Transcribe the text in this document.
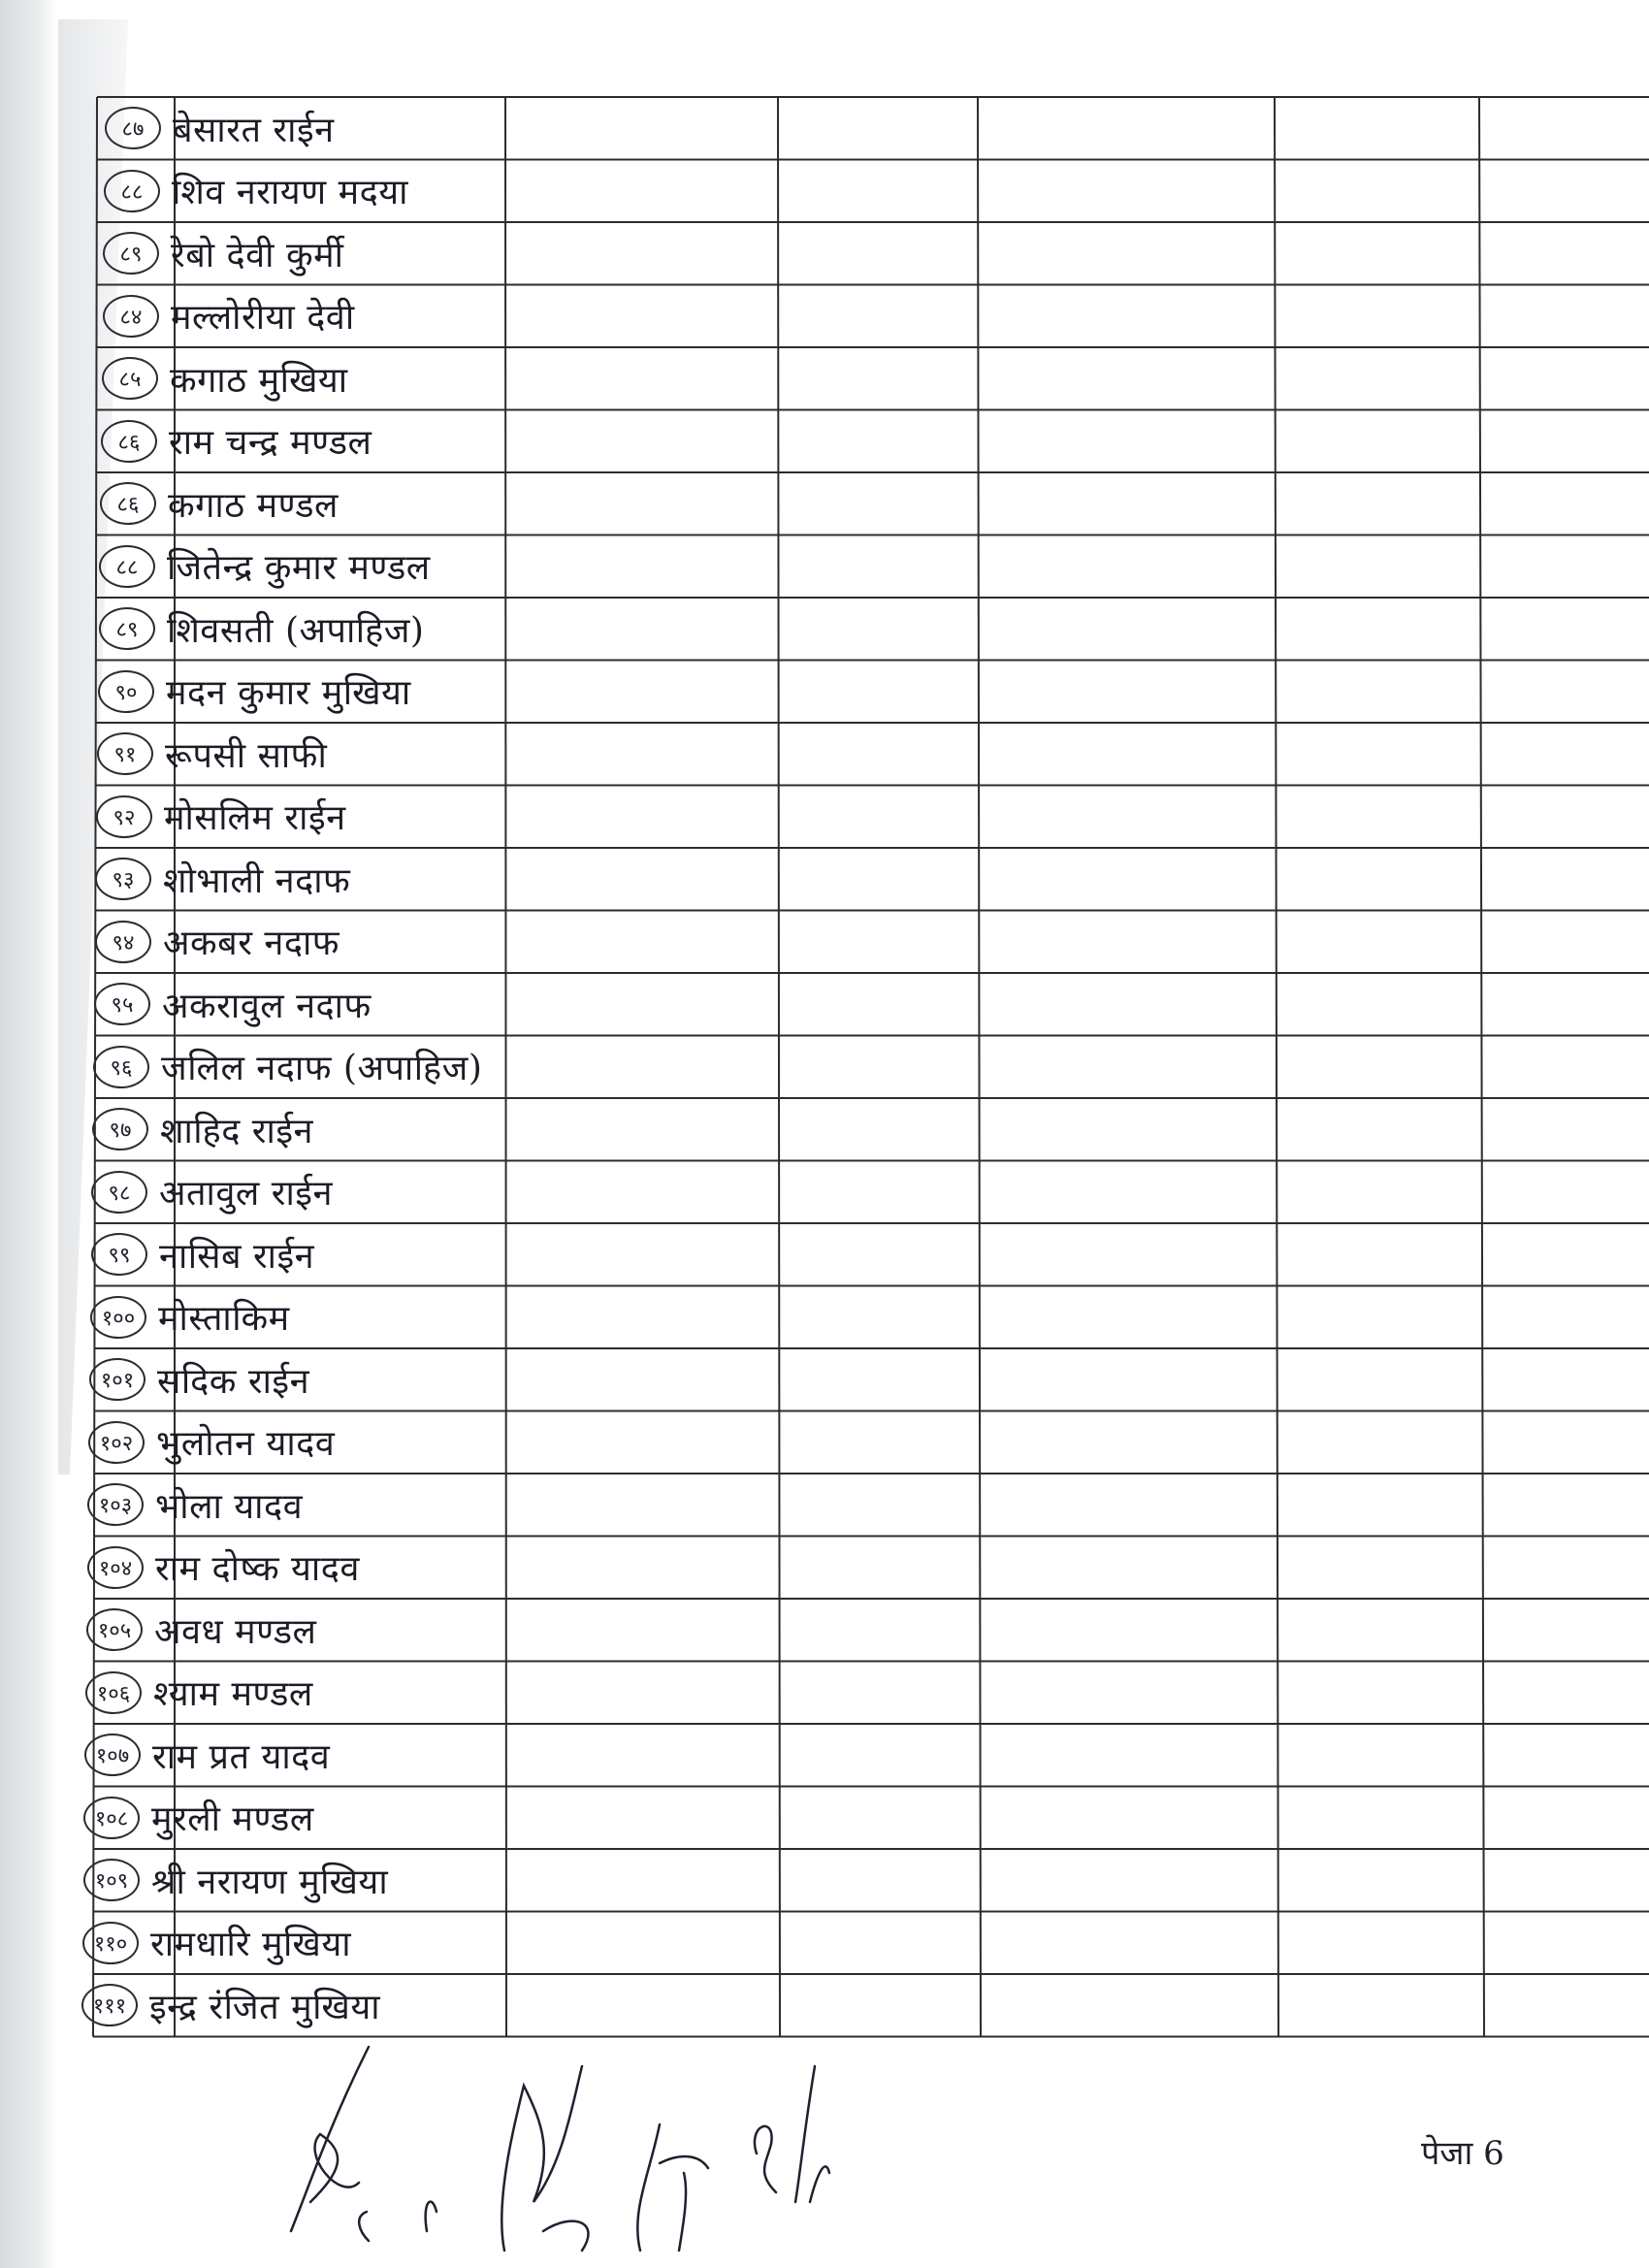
८७ बेसारत राईन
८८ शिव नरायण मदया
८९ रेबो देवी कुर्मी
८४ मल्लोरीया देवी
८५ कगाठ मुखिया
८६ राम चन्द्र मण्डल
८६ कगाठ मण्डल
८८ जितेन्द्र कुमार मण्डल
८९ शिवसती (अपाहिज)
९० मदन कुमार मुखिया
९१ रूपसी साफी
९२ मोसलिम राईन
९३ शोभाली नदाफ
९४ अकबर नदाफ
९५ अकरावुल नदाफ
९६ जलिल नदाफ (अपाहिज)
९७ शाहिद राईन
९८ अतावुल राईन
९९ नासिब राईन
१०० मोस्ताकिम
१०१ सदिक राईन
१०२ भुलोतन यादव
१०३ भोला यादव
१०४ राम दोष्क यादव
१०५ अवध मण्डल
१०६ श्याम मण्डल
१०७ राम प्रत यादव
१०८ मुरली मण्डल
१०९ श्री नरायण मुखिया
११० रामधारि मुखिया
१११ इन्द्र रंजित मुखिया
पेजा 6
